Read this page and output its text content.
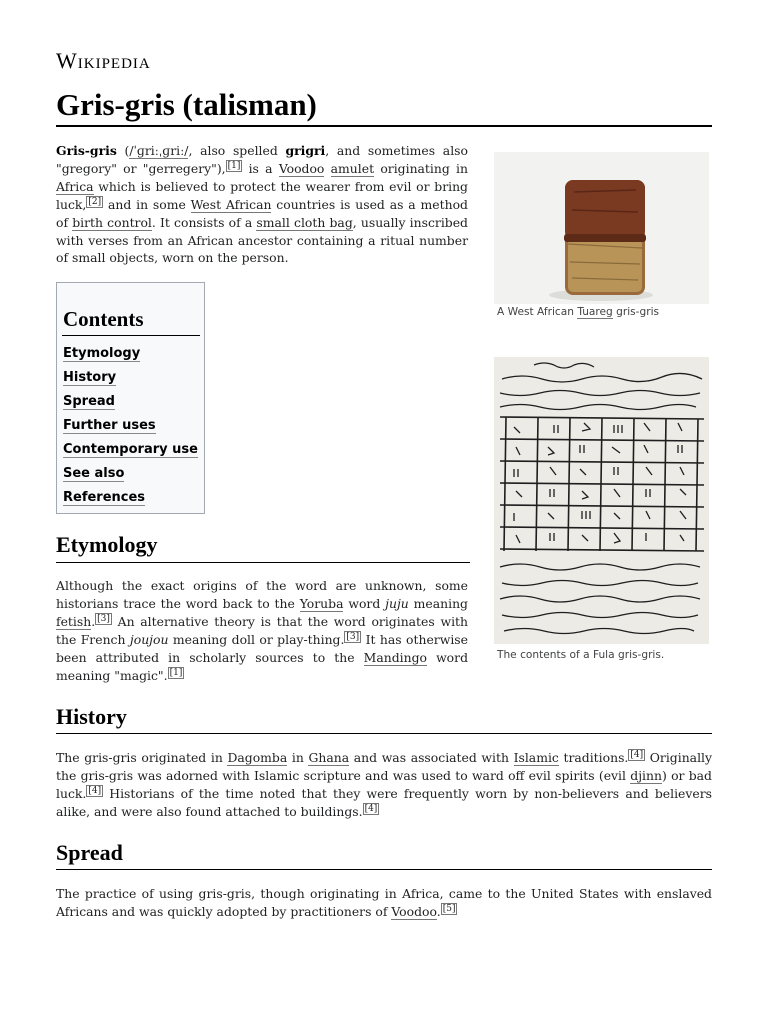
Wikipedia
Gris-gris (talisman)

Gris-gris (/ˈɡriːˌɡriː/, also spelled grigri, and sometimes also "gregory" or "gerregery"), [1] is a Voodoo amulet originating in Africa which is believed to protect the wearer from evil or bring luck, [2] and in some West African countries is used as a method of birth control. It consists of a small cloth bag, usually inscribed with verses from an African ancestor containing a ritual number of small objects, worn on the person.

Contents
Etymology
History
Spread
Further uses
Contemporary use
See also
References
Etymology

Although the exact origins of the word are unknown, some historians trace the word back to the Yoruba word juju meaning fetish. [3] An alternative theory is that the word originates with the French joujou meaning doll or play-thing. [3] It has otherwise been attributed in scholarly sources to the Mandingo word meaning "magic". [1]

History

The gris-gris originated in Dagomba in Ghana and was associated with Islamic traditions. [4] Originally the gris-gris was adorned with Islamic scripture and was used to ward off evil spirits (evil djinn) or bad luck. [4] Historians of the time noted that they were frequently worn by non-believers and believers alike, and were also found attached to buildings. [4]

Spread

The practice of using gris-gris, though originating in Africa, came to the United States with enslaved Africans and was quickly adopted by practitioners of Voodoo. [5]

A West African Tuareg gris-gris
The contents of a Fula gris-gris.
